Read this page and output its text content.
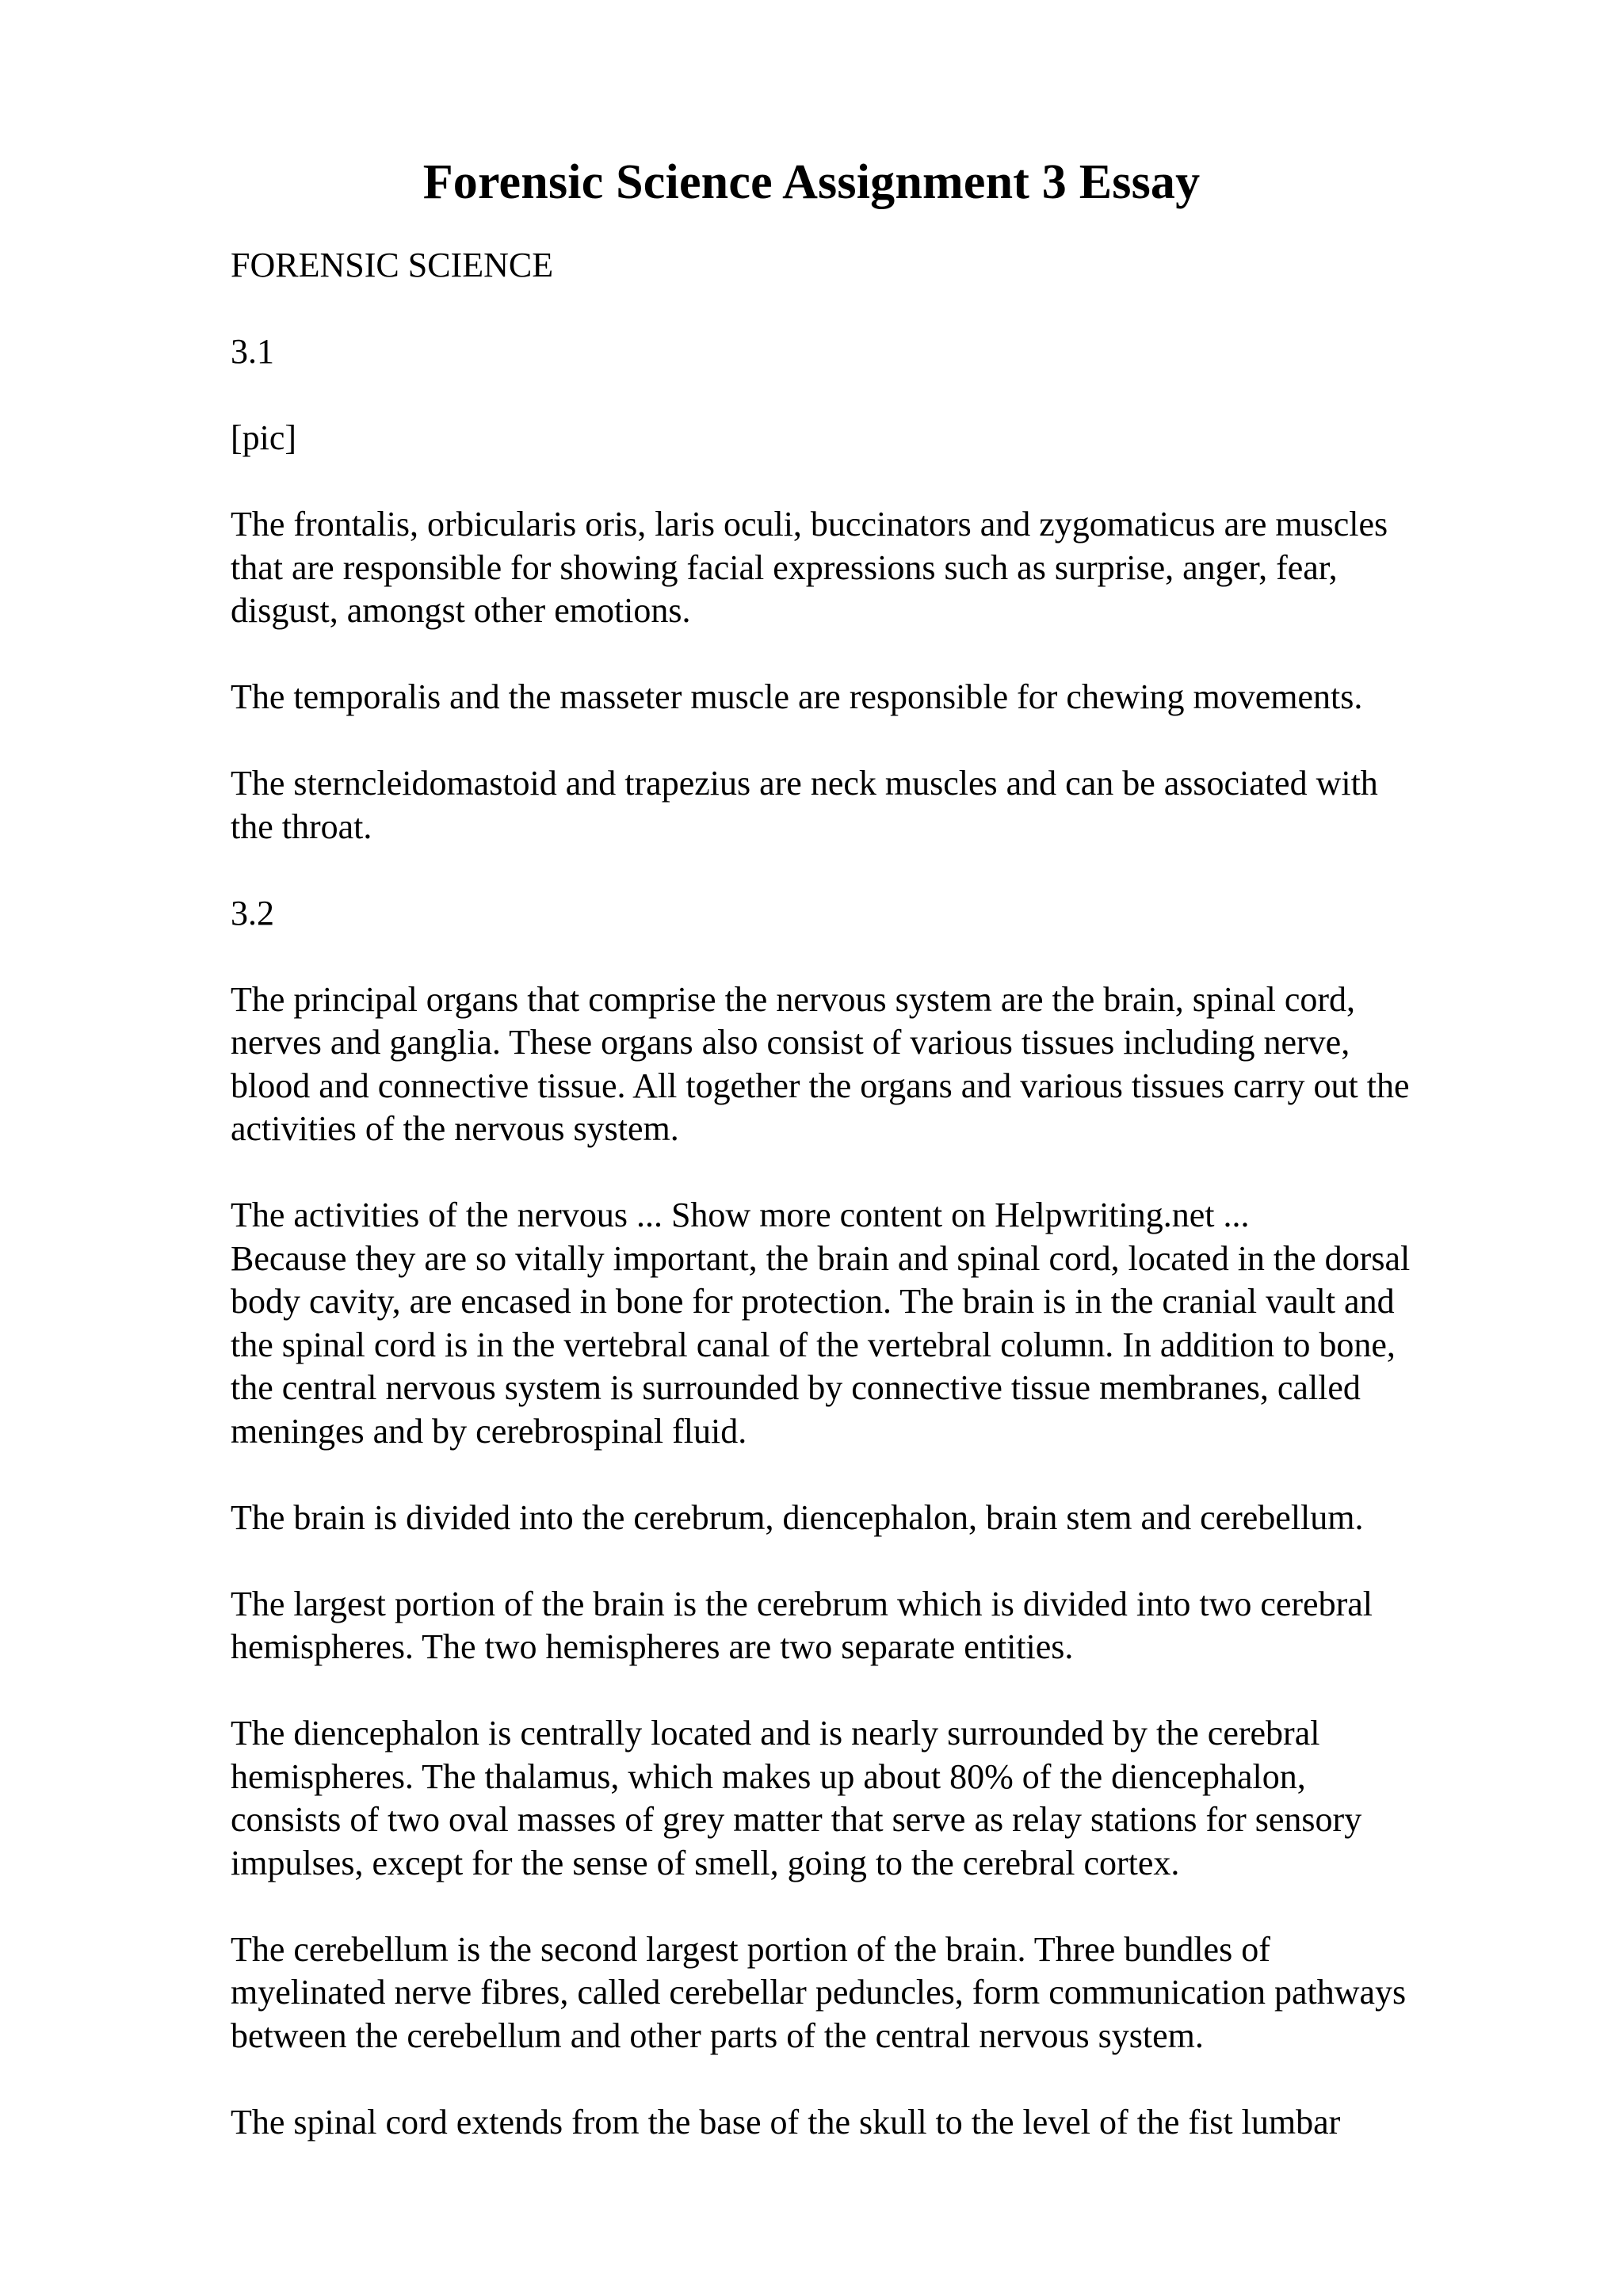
Forensic Science Assignment 3 Essay

FORENSIC SCIENCE

3.1

[pic]

The frontalis, orbicularis oris, laris oculi, buccinators and zygomaticus are muscles
that are responsible for showing facial expressions such as surprise, anger, fear,
disgust, amongst other emotions.

The temporalis and the masseter muscle are responsible for chewing movements.

The sterncleidomastoid and trapezius are neck muscles and can be associated with
the throat.

3.2

The principal organs that comprise the nervous system are the brain, spinal cord,
nerves and ganglia. These organs also consist of various tissues including nerve,
blood and connective tissue. All together the organs and various tissues carry out the
activities of the nervous system.

The activities of the nervous ... Show more content on Helpwriting.net ...

Because they are so vitally important, the brain and spinal cord, located in the dorsal
body cavity, are encased in bone for protection. The brain is in the cranial vault and
the spinal cord is in the vertebral canal of the vertebral column. In addition to bone,
the central nervous system is surrounded by connective tissue membranes, called
meninges and by cerebrospinal fluid.

The brain is divided into the cerebrum, diencephalon, brain stem and cerebellum.

The largest portion of the brain is the cerebrum which is divided into two cerebral
hemispheres. The two hemispheres are two separate entities.

The diencephalon is centrally located and is nearly surrounded by the cerebral
hemispheres. The thalamus, which makes up about 80% of the diencephalon,
consists of two oval masses of grey matter that serve as relay stations for sensory
impulses, except for the sense of smell, going to the cerebral cortex.

The cerebellum is the second largest portion of the brain. Three bundles of
myelinated nerve fibres, called cerebellar peduncles, form communication pathways
between the cerebellum and other parts of the central nervous system.

The spinal cord extends from the base of the skull to the level of the fist lumbar
